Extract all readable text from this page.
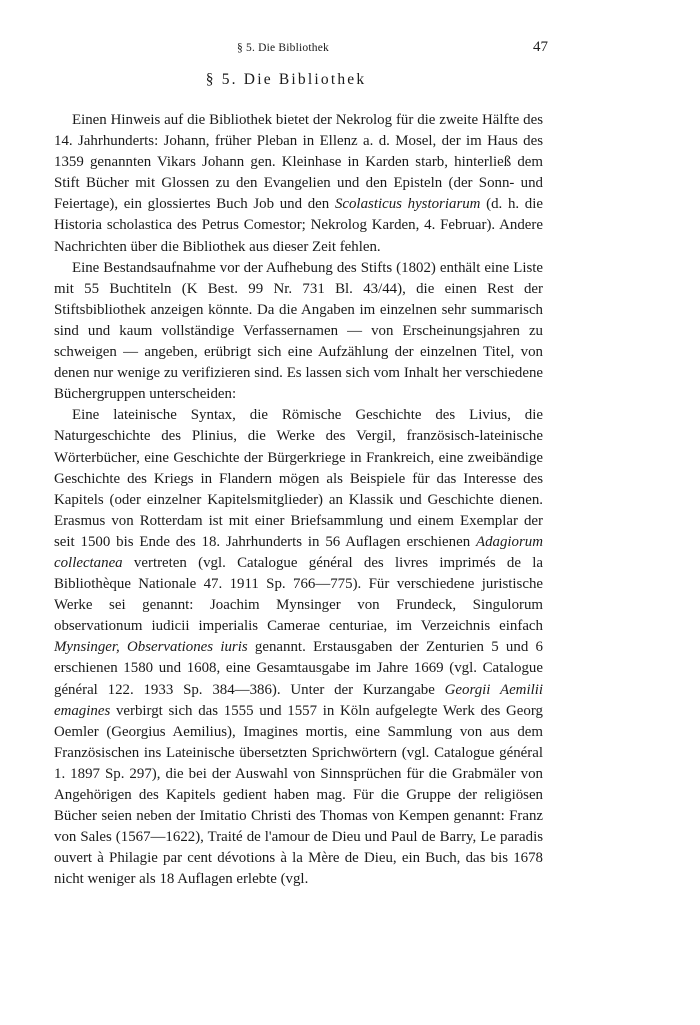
§ 5. Die Bibliothek	47
§ 5. Die Bibliothek

Einen Hinweis auf die Bibliothek bietet der Nekrolog für die zweite Hälfte des 14. Jahrhunderts: Johann, früher Pleban in Ellenz a. d. Mosel, der im Haus des 1359 genannten Vikars Johann gen. Kleinhase in Karden starb, hinterließ dem Stift Bücher mit Glossen zu den Evangelien und den Episteln (der Sonn- und Feiertage), ein glossiertes Buch Job und den Scolasticus hystoriarum (d. h. die Historia scholastica des Petrus Comestor; Nekrolog Karden, 4. Februar). Andere Nachrichten über die Bibliothek aus dieser Zeit fehlen.

Eine Bestandsaufnahme vor der Aufhebung des Stifts (1802) enthält eine Liste mit 55 Buchtiteln (K Best. 99 Nr. 731 Bl. 43/44), die einen Rest der Stiftsbibliothek anzeigen könnte. Da die Angaben im einzelnen sehr summarisch sind und kaum vollständige Verfassernamen — von Erscheinungsjahren zu schweigen — angeben, erübrigt sich eine Aufzählung der einzelnen Titel, von denen nur wenige zu verifizieren sind. Es lassen sich vom Inhalt her verschiedene Büchergruppen unterscheiden:

Eine lateinische Syntax, die Römische Geschichte des Livius, die Naturgeschichte des Plinius, die Werke des Vergil, französisch-lateinische Wörterbücher, eine Geschichte der Bürgerkriege in Frankreich, eine zweibändige Geschichte des Kriegs in Flandern mögen als Beispiele für das Interesse des Kapitels (oder einzelner Kapitelsmitglieder) an Klassik und Geschichte dienen. Erasmus von Rotterdam ist mit einer Briefsammlung und einem Exemplar der seit 1500 bis Ende des 18. Jahrhunderts in 56 Auflagen erschienen Adagiorum collectanea vertreten (vgl. Catalogue général des livres imprimés de la Bibliothèque Nationale 47. 1911 Sp. 766—775). Für verschiedene juristische Werke sei genannt: Joachim Mynsinger von Frundeck, Singulorum observationum iudicii imperialis Camerae centuriae, im Verzeichnis einfach Mynsinger, Observationes iuris genannt. Erstausgaben der Zenturien 5 und 6 erschienen 1580 und 1608, eine Gesamtausgabe im Jahre 1669 (vgl. Catalogue général 122. 1933 Sp. 384—386). Unter der Kurzangabe Georgii Aemilii emagines verbirgt sich das 1555 und 1557 in Köln aufgelegte Werk des Georg Oemler (Georgius Aemilius), Imagines mortis, eine Sammlung von aus dem Französischen ins Lateinische übersetzten Sprichwörtern (vgl. Catalogue général 1. 1897 Sp. 297), die bei der Auswahl von Sinnsprüchen für die Grabmäler von Angehörigen des Kapitels gedient haben mag. Für die Gruppe der religiösen Bücher seien neben der Imitatio Christi des Thomas von Kempen genannt: Franz von Sales (1567—1622), Traité de l'amour de Dieu und Paul de Barry, Le paradis ouvert à Philagie par cent dévotions à la Mère de Dieu, ein Buch, das bis 1678 nicht weniger als 18 Auflagen erlebte (vgl.
